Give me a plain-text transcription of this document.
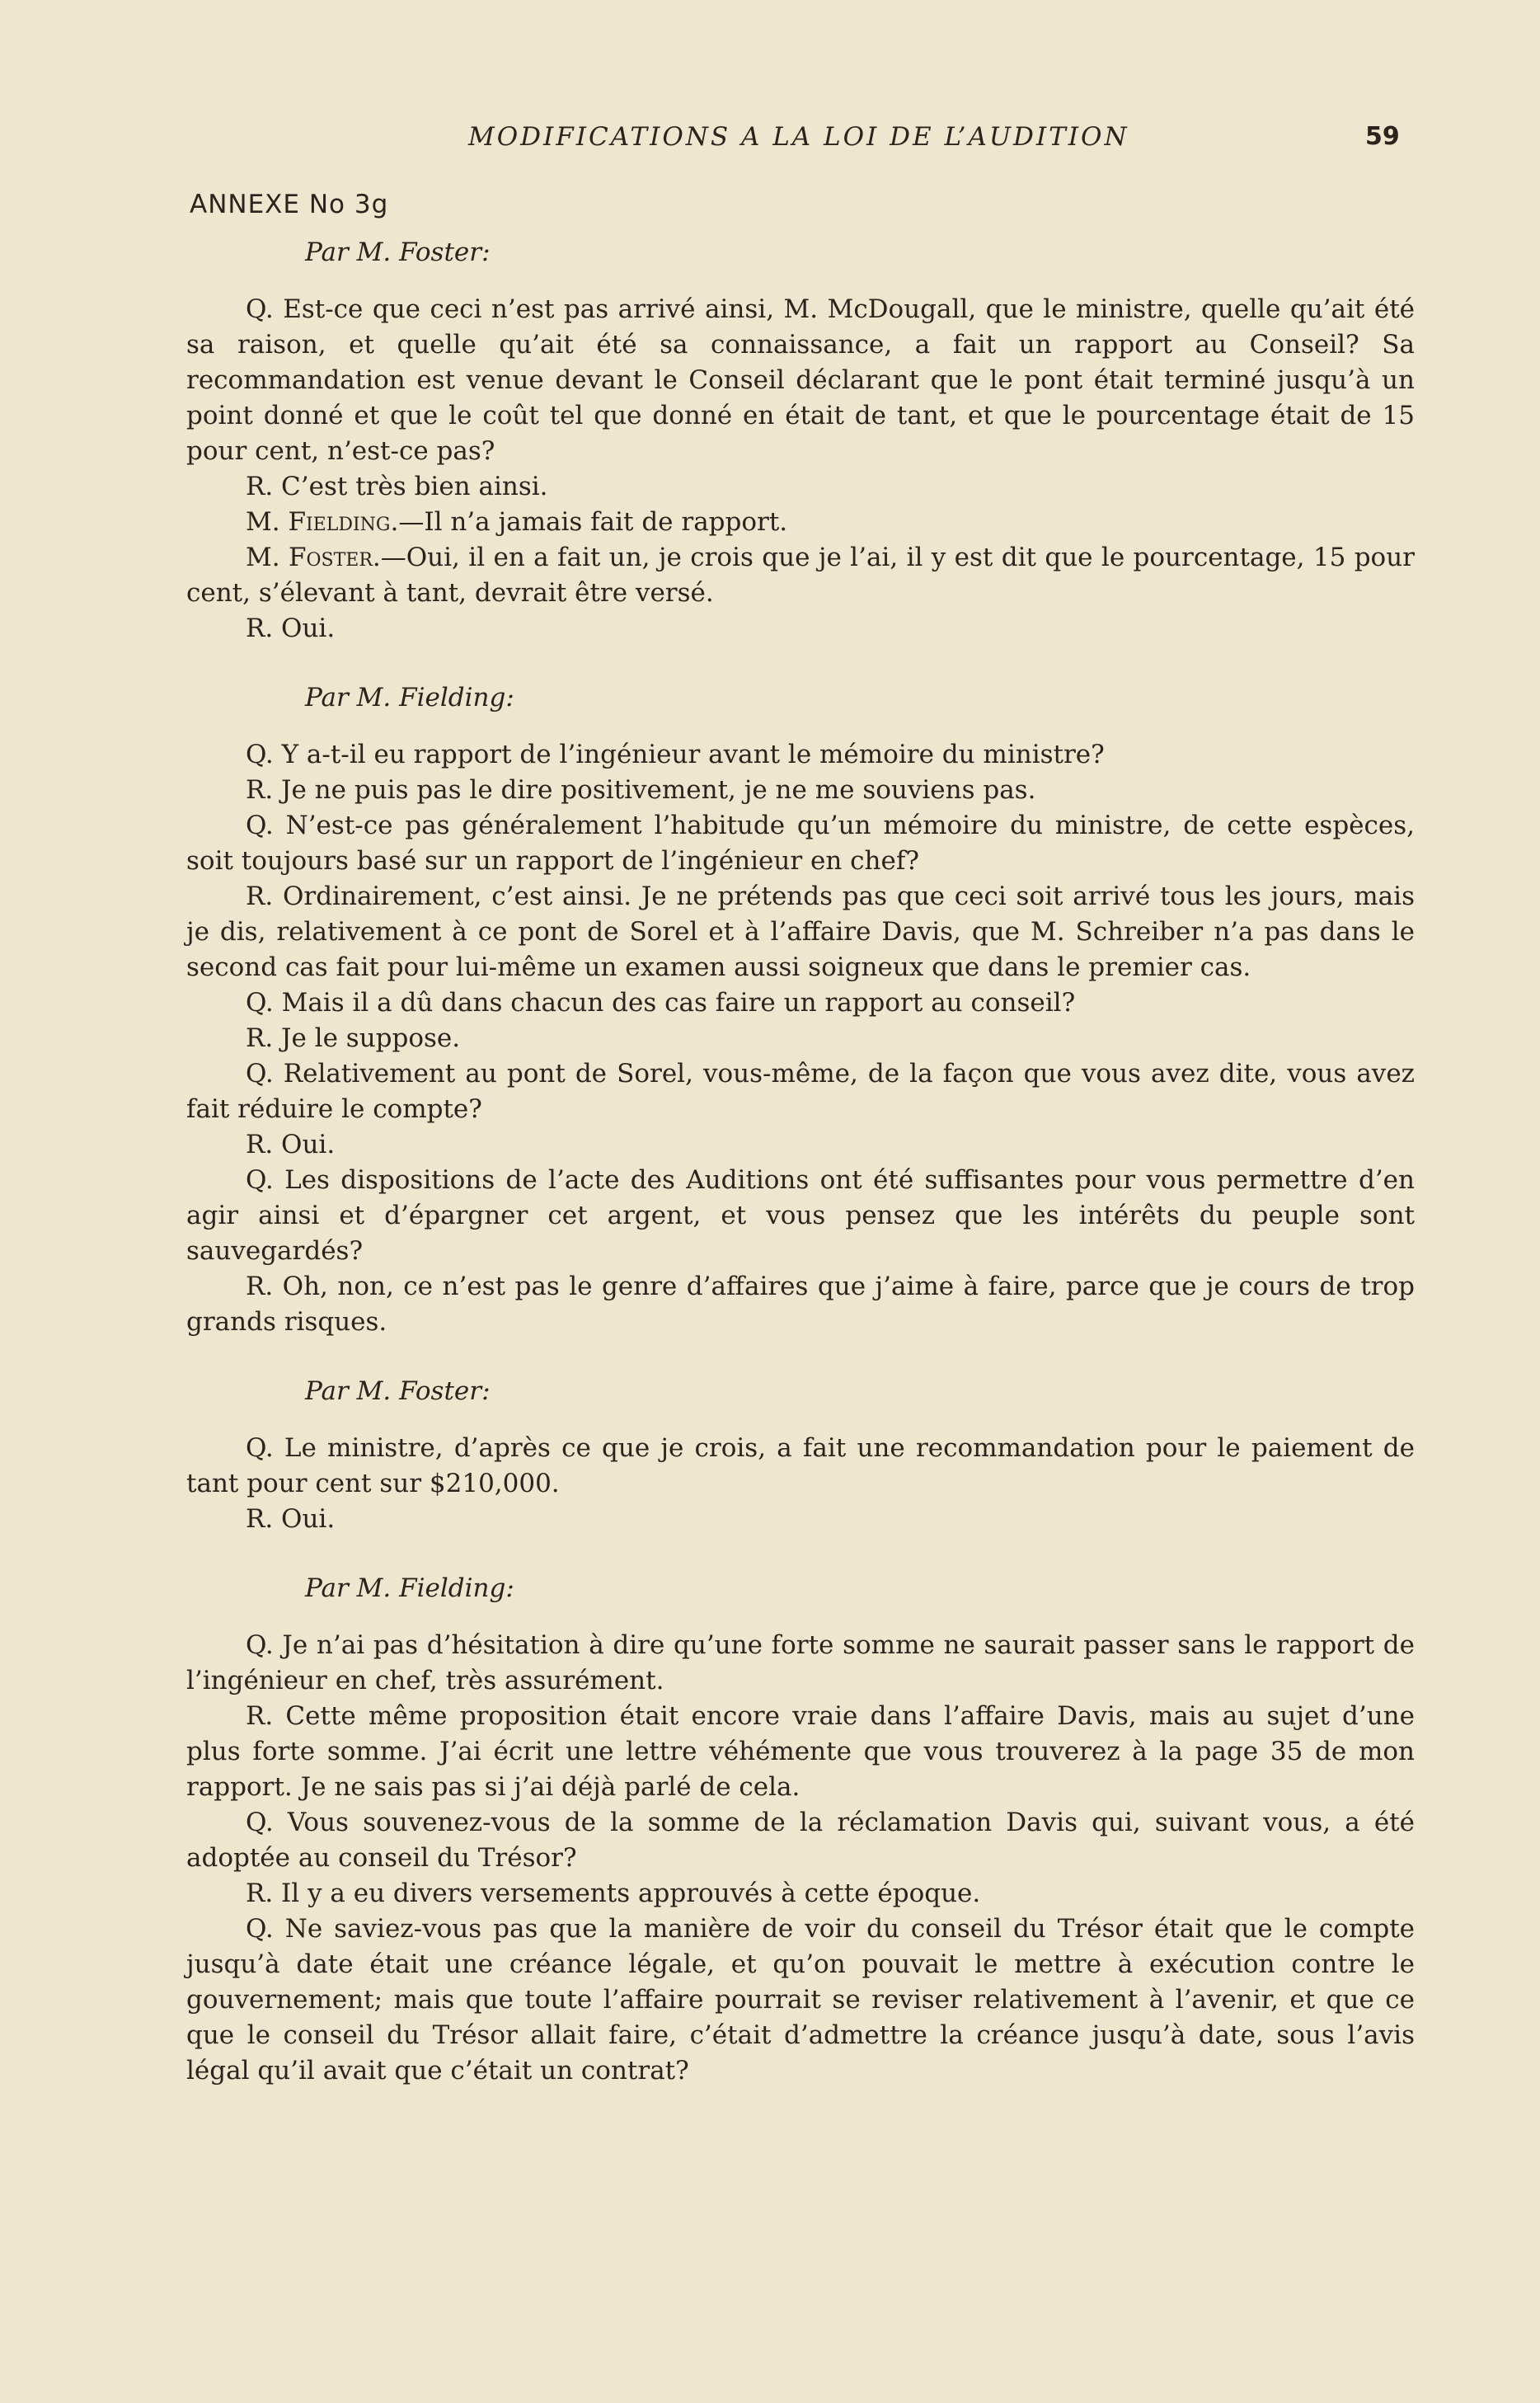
MODIFICATIONS A LA LOI DE L’AUDITION	59
ANNEXE No 3g
Par M. Foster:

Q. Est-ce que ceci n’est pas arrivé ainsi, M. McDougall, que le ministre, quelle qu’ait été sa raison, et quelle qu’ait été sa connaissance, a fait un rapport au Conseil? Sa recommandation est venue devant le Conseil déclarant que le pont était terminé jusqu’à un point donné et que le coût tel que donné en était de tant, et que le pourcentage était de 15 pour cent, n’est-ce pas?

R. C’est très bien ainsi.

M. Fielding.—Il n’a jamais fait de rapport.

M. Foster.—Oui, il en a fait un, je crois que je l’ai, il y est dit que le pourcentage, 15 pour cent, s’élevant à tant, devrait être versé.

R. Oui.

Par M. Fielding:

Q. Y a-t-il eu rapport de l’ingénieur avant le mémoire du ministre?

R. Je ne puis pas le dire positivement, je ne me souviens pas.

Q. N’est-ce pas généralement l’habitude qu’un mémoire du ministre, de cette espèces, soit toujours basé sur un rapport de l’ingénieur en chef?

R. Ordinairement, c’est ainsi. Je ne prétends pas que ceci soit arrivé tous les jours, mais je dis, relativement à ce pont de Sorel et à l’affaire Davis, que M. Schreiber n’a pas dans le second cas fait pour lui-même un examen aussi soigneux que dans le premier cas.

Q. Mais il a dû dans chacun des cas faire un rapport au conseil?

R. Je le suppose.

Q. Relativement au pont de Sorel, vous-même, de la façon que vous avez dite, vous avez fait réduire le compte?

R. Oui.

Q. Les dispositions de l’acte des Auditions ont été suffisantes pour vous permettre d’en agir ainsi et d’épargner cet argent, et vous pensez que les intérêts du peuple sont sauvegardés?

R. Oh, non, ce n’est pas le genre d’affaires que j’aime à faire, parce que je cours de trop grands risques.

Par M. Foster:

Q. Le ministre, d’après ce que je crois, a fait une recommandation pour le paiement de tant pour cent sur $210,000.

R. Oui.

Par M. Fielding:

Q. Je n’ai pas d’hésitation à dire qu’une forte somme ne saurait passer sans le rapport de l’ingénieur en chef, très assurément.

R. Cette même proposition était encore vraie dans l’affaire Davis, mais au sujet d’une plus forte somme. J’ai écrit une lettre véhémente que vous trouverez à la page 35 de mon rapport. Je ne sais pas si j’ai déjà parlé de cela.

Q. Vous souvenez-vous de la somme de la réclamation Davis qui, suivant vous, a été adoptée au conseil du Trésor?

R. Il y a eu divers versements approuvés à cette époque.

Q. Ne saviez-vous pas que la manière de voir du conseil du Trésor était que le compte jusqu’à date était une créance légale, et qu’on pouvait le mettre à exécution contre le gouvernement; mais que toute l’affaire pourrait se reviser relativement à l’avenir, et que ce que le conseil du Trésor allait faire, c’était d’admettre la créance jusqu’à date, sous l’avis légal qu’il avait que c’était un contrat?
